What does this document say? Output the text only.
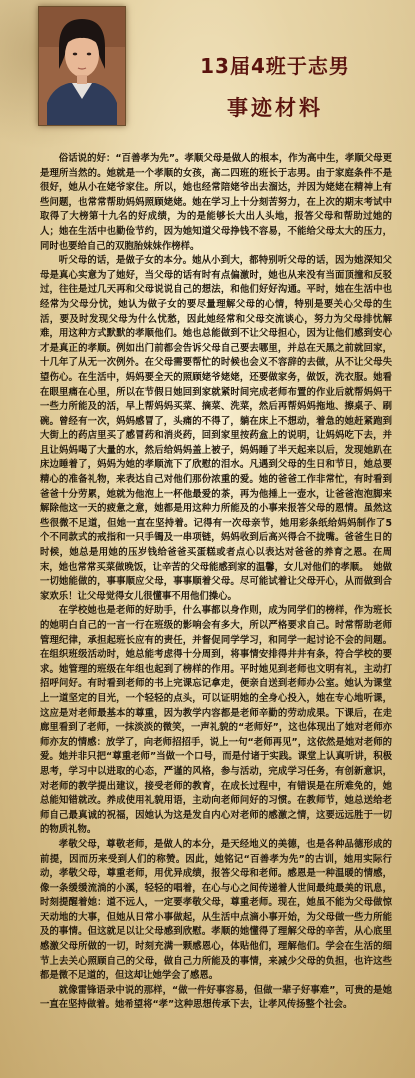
13届4班于志男
事迹材料

俗话说的好：“百善孝为先”。孝顺父母是做人的根本，作为高中生，孝顺父母更是理所当然的。她就是一个孝顺的女孩，高二四班的班长于志男。由于家庭条件不是很好，她从小在姥爷家住。所以，她也经常陪姥爷出去溜达，并因为姥姥在精神上有些问题，也常常帮助妈妈照顾姥姥。她在学习上十分刻苦努力，在上次的期末考试中取得了大榜第十九名的好成绩，为的是能够长大出人头地，报答父母和帮助过她的人；她在生活中也勤俭节约，因为她知道父母挣钱不容易，不能给父母太大的压力，同时也要给自己的双胞胎妹妹作榜样。

听父母的话，是做子女的本分。她从小到大，都特别听父母的话，因为她深知父母是真心实意为了她好，当父母的话有时有点偏激时，她也从来没有当面顶撞和反驳过，往往是过几天再和父母说说自己的想法，和他们好好沟通。平时，她在生活中也经常为父母分忧，她认为做子女的要尽量理解父母的心情，特别是要关心父母的生活，要及时发现父母为什么忧愁，因此她经常和父母交流谈心，努力为父母排忧解难，用这种方式默默的孝顺他们。她也总能做到不让父母担心，因为让他们感到安心才是真正的孝顺。例如出门前都会告诉父母自己要去哪里，并总在天黑之前就回家，十几年了从无一次例外。在父母需要帮忙的时候也会义不容辞的去做，从不让父母失望伤心。在生活中，妈妈要全天的照顾姥爷姥姥，还要做家务，做饭，洗衣服。她看在眼里痛在心里，所以在节假日她回到家就紧时间完成老师布置的作业后就帮妈妈干一些力所能及的活，早上帮妈妈买菜、摘菜、洗菜，然后再帮妈妈拖地、擦桌子、刷碗。曾经有一次，妈妈感冒了，头痛的不得了，躺在床上不想动，着急的她赶紧跑到大街上的药店里买了感冒药和消炎药，回到家里按药盒上的说明，让妈妈吃下去，并且让妈妈喝了大量的水，然后给妈妈盖上被子，妈妈睡了半天起来以后，发现她趴在床边睡着了，妈妈为她的孝顺流下了欣慰的泪水。凡遇到父母的生日和节日，她总要精心的准备礼物，来表达自己对他们那份浓重的爱。她的爸爸工作非常忙，有时看到爸爸十分劳累，她就为他泡上一杯他最爱的茶，再为他捶上一壶水，让爸爸泡泡脚来解除他这一天的疲惫之意，她都是用这种力所能及的小事来报答父母的恩情。虽然这些很微不足道，但她一直在坚持着。记得有一次母亲节，她用彩条纸给妈妈制作了5个不同款式的戒指和一只手镯及一串项链，妈妈收到后高兴得合不拢嘴。爸爸生日的时候，她总是用她的压岁钱给爸爸买蛋糕或者点心以表达对爸爸的养育之恩。在周末，她也常常买菜做晚饭，让辛苦的父母能感到家的温馨，女儿对他们的孝顺。　她做一切她能做的，事事顺应父母，事事顺着父母。尽可能试着让父母开心，从而做到合家欢乐！让父母觉得女儿很懂事不用他们操心。

在学校她也是老师的好助手，什么事都以身作则，成为同学们的榜样，作为班长的她明白自己的一言一行在班级的影响会有多大，所以严格要求自己。时常帮助老师管理纪律，承担起班长应有的责任，并督促同学学习，和同学一起讨论不会的问题。在组织班级活动时，她总能考虑得十分周到，将事情安排得井井有条，符合学校的要求。她管理的班级在年组也起到了榜样的作用。平时她见到老师也文明有礼，主动打招呼问好。有时看到老师的书上完课忘记拿走，便亲自送到老师办公室。她认为课堂上一道坚定的目光，一个轻轻的点头，可以证明她的全身心投入，她在专心地听课，这应是对老师最基本的尊重，因为教学内容都是老师辛勤的劳动成果。下课后，在走廊里看到了老师，一抹淡淡的微笑，一声礼貌的“老师好”，这也体现出了她对老师亦师亦友的情感：放学了，向老师招招手，说上一句“老师再见”，这依然是她对老师的爱。她并非只把“尊重老师”当做一个口号，而是付诸于实践。课堂上认真听讲，积极思考，学习中以进取的心态，严谨的风格，参与活动，完成学习任务，有创新意识，对老师的教学提出建议，接受老师的教育，在成长过程中，有错误是在所难免的，她总能知错就改。养成使用礼貌用语，主动向老师问好的习惯。在教师节，她总送给老师自己最真诚的祝福，因她认为这是发自内心对老师的感激之情，这要远远胜于一切的物质礼物。

孝敬父母，尊敬老师，是做人的本分，是天经地义的美德，也是各种品德形成的前提，因而历来受到人们的称赞。因此，她铭记“百善孝为先”的古训，她用实际行动，孝敬父母，尊重老师，用优异成绩，报答父母和老师。感恩是一种温暖的情感，像一条缓缓流淌的小溪，轻轻的唱着，在心与心之间传递着人世间最纯最美的讯息，时刻提醒着她：道不远人，一定要孝敬父母，尊重老师。现在，她虽不能为父母做惊天动地的大事，但她从日常小事做起，从生活中点滴小事开始，为父母做一些力所能及的事情。但这就足以让父母感到欣慰。孝顺的她懂得了理解父母的辛苦，从心底里感激父母所做的一切，时刻充满一颗感恩心，体贴他们，理解他们。学会在生活的细节上去关心照顾自己的父母，做自己力所能及的事情，来减少父母的负担，也许这些都是微不足道的，但这却让她学会了感恩。

就像雷锋语录中说的那样，“做一件好事容易，但做一辈子好事难”，可贵的是她一直在坚持做着。她希望将“孝”这种思想传承下去，让孝风传扬整个社会。
